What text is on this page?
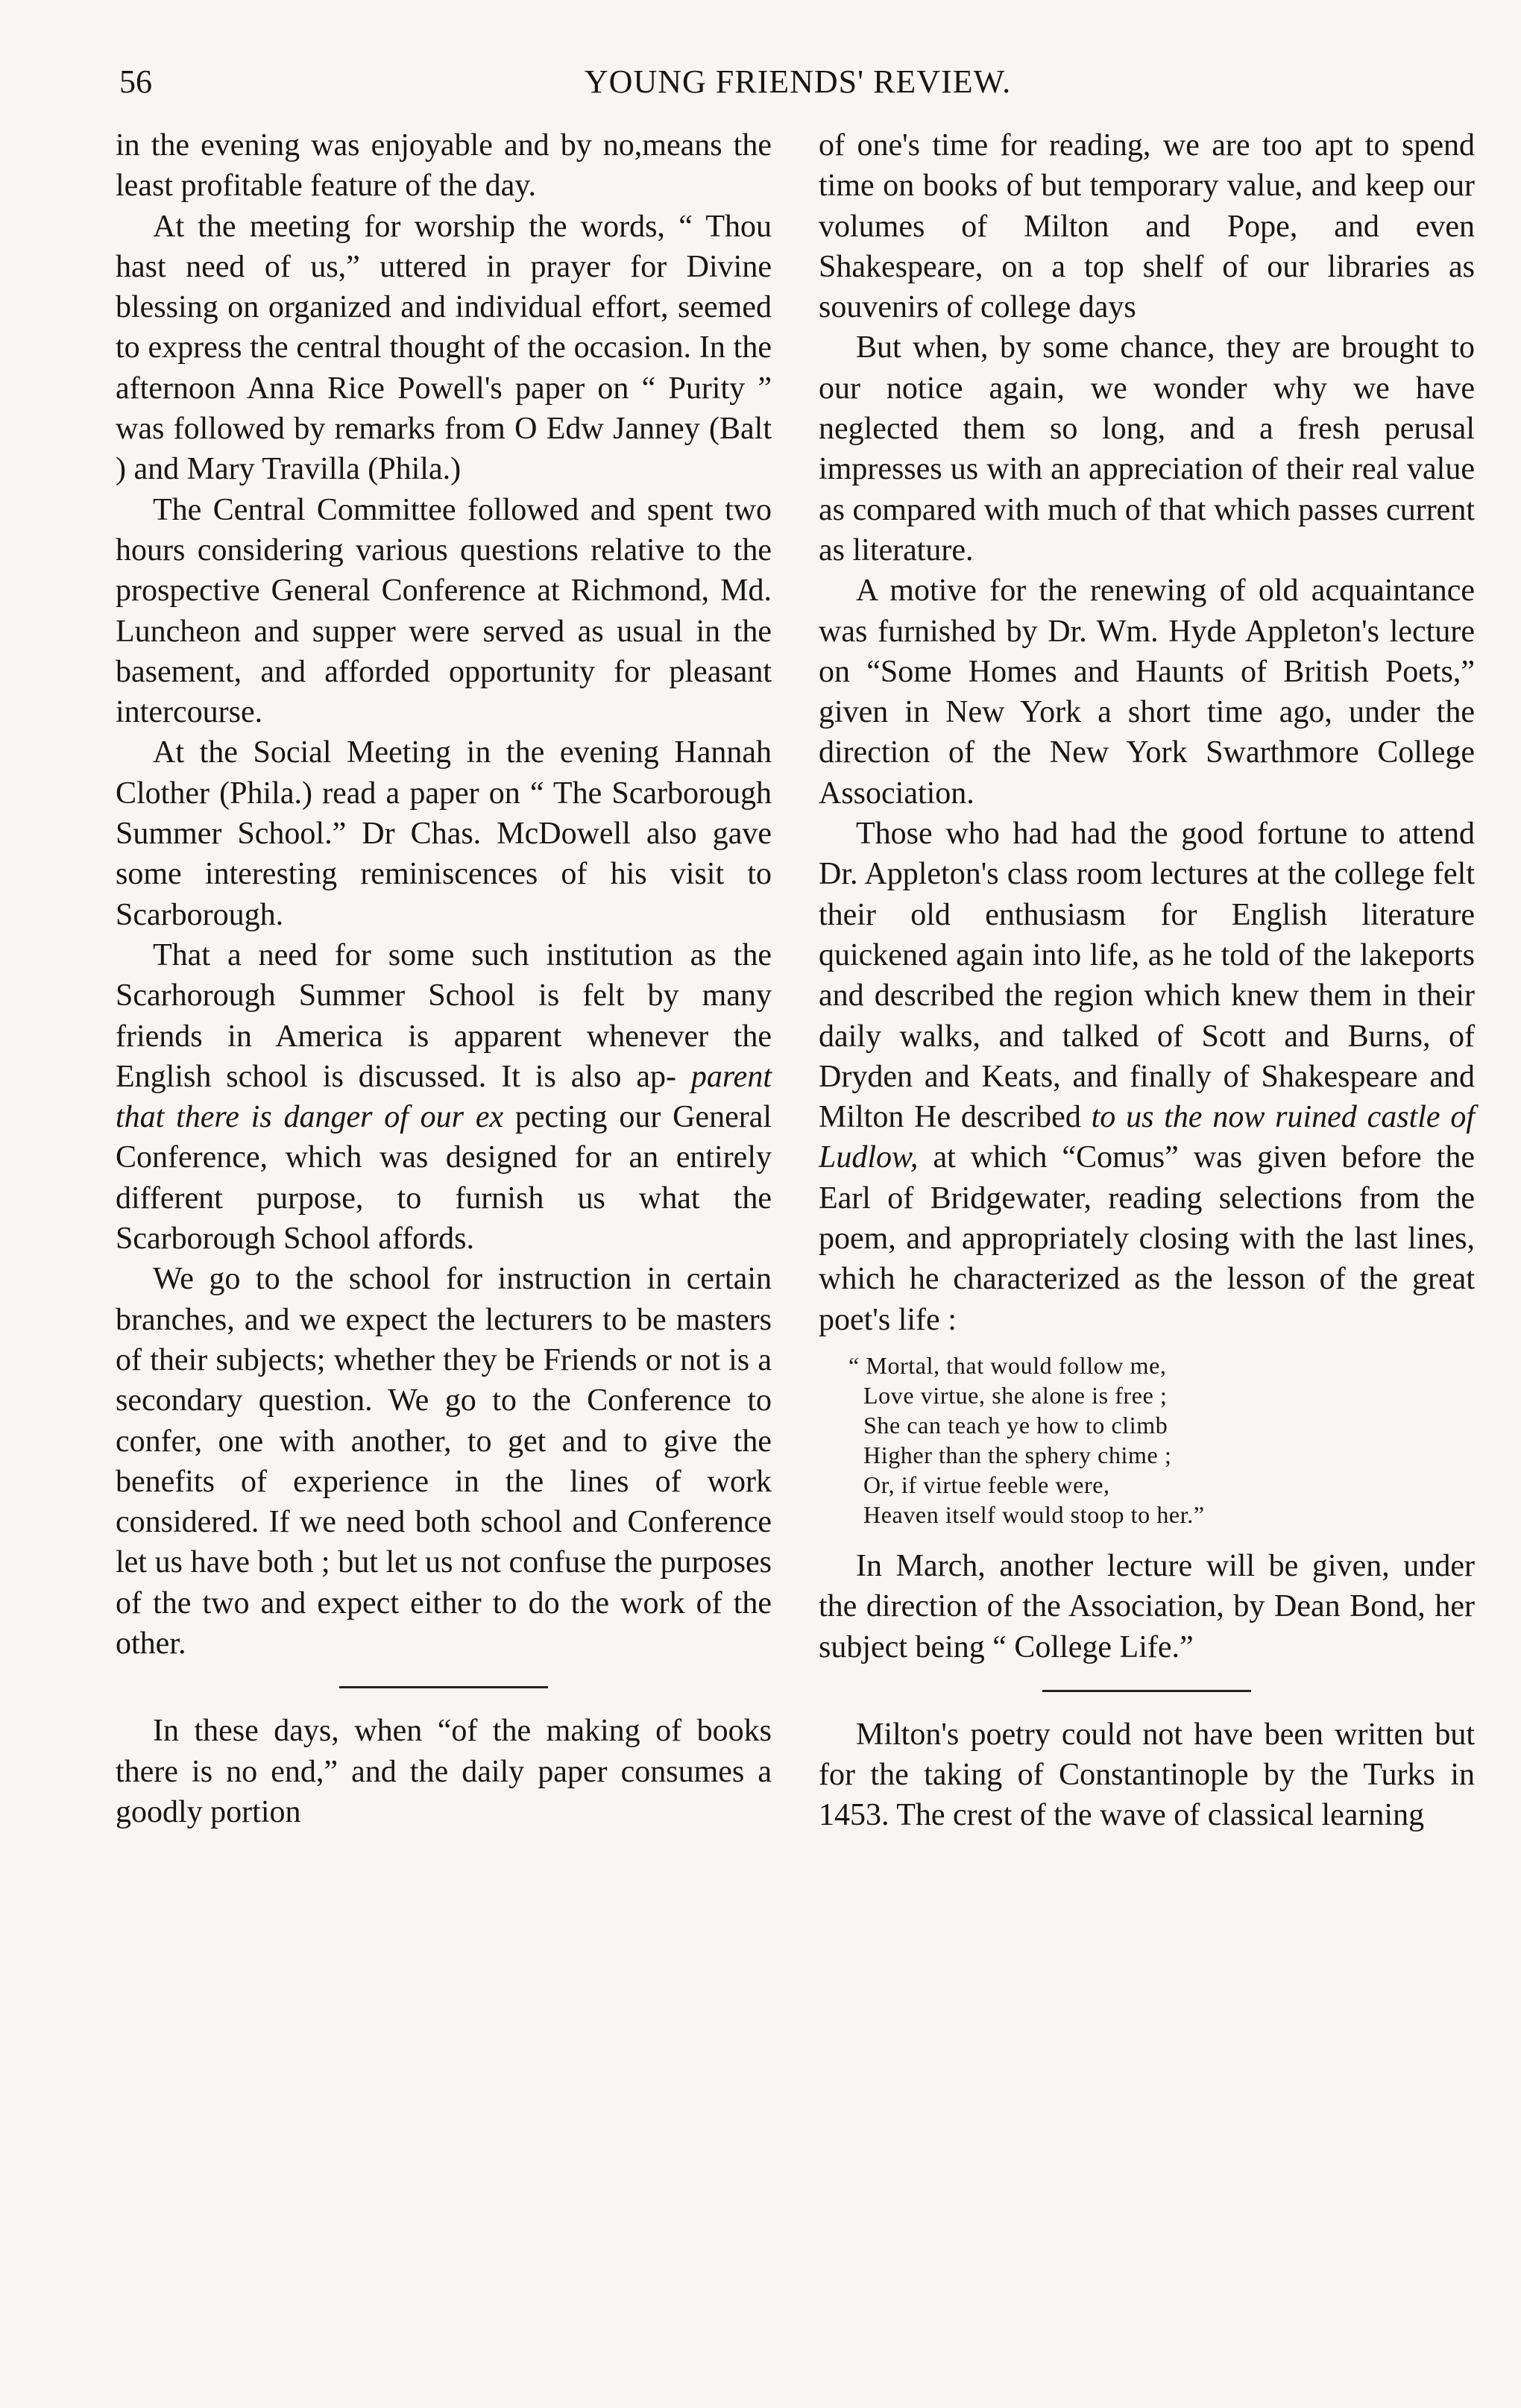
56	YOUNG FRIENDS' REVIEW.

in the evening was enjoyable and by no,means the least profitable feature of the day.

At the meeting for worship the words, “ Thou hast need of us,” uttered in prayer for Divine blessing on organized and individual effort, seemed to express the central thought of the occasion. In the afternoon Anna Rice Powell's paper on “ Purity ” was followed by remarks from O Edw Janney (Balt ) and Mary Travilla (Phila.)

The Central Committee followed and spent two hours considering various questions relative to the prospective General Conference at Richmond, Md. Luncheon and supper were served as usual in the basement, and afforded opportunity for pleasant intercourse.

At the Social Meeting in the evening Hannah Clother (Phila.) read a paper on “ The Scarborough Summer School.” Dr Chas. McDowell also gave some interesting reminiscences of his visit to Scarborough.

That a need for some such institution as the Scarhorough Summer School is felt by many friends in America is apparent whenever the English school is discussed. It is also ap- parent that there is danger of our ex pecting our General Conference, which was designed for an entirely different purpose, to furnish us what the Scarborough School affords.

We go to the school for instruction in certain branches, and we expect the lecturers to be masters of their subjects; whether they be Friends or not is a secondary question. We go to the Conference to confer, one with another, to get and to give the benefits of experience in the lines of work considered. If we need both school and Conference let us have both ; but let us not confuse the purposes of the two and expect either to do the work of the other.

In these days, when “of the making of books there is no end,” and the daily paper consumes a goodly portion

of one's time for reading, we are too apt to spend time on books of but temporary value, and keep our volumes of Milton and Pope, and even Shakespeare, on a top shelf of our libraries as souvenirs of college days

But when, by some chance, they are brought to our notice again, we wonder why we have neglected them so long, and a fresh perusal impresses us with an appreciation of their real value as compared with much of that which passes current as literature.

A motive for the renewing of old acquaintance was furnished by Dr. Wm. Hyde Appleton's lecture on “Some Homes and Haunts of British Poets,” given in New York a short time ago, under the direction of the New York Swarthmore College Association.

Those who had had the good fortune to attend Dr. Appleton's class room lectures at the college felt their old enthusiasm for English literature quickened again into life, as he told of the lakeports and described the region which knew them in their daily walks, and talked of Scott and Burns, of Dryden and Keats, and finally of Shakespeare and Milton He described to us the now ruined castle of Ludlow, at which “Comus” was given before the Earl of Bridgewater, reading selections from the poem, and appropriately closing with the last lines, which he characterized as the lesson of the great poet's life :

“ Mortal, that would follow me,
Love virtue, she alone is free ;
She can teach ye how to climb
Higher than the sphery chime ;
Or, if virtue feeble were,
Heaven itself would stoop to her.”

In March, another lecture will be given, under the direction of the Association, by Dean Bond, her subject being “ College Life.”

Milton's poetry could not have been written but for the taking of Constantinople by the Turks in 1453. The crest of the wave of classical learning
